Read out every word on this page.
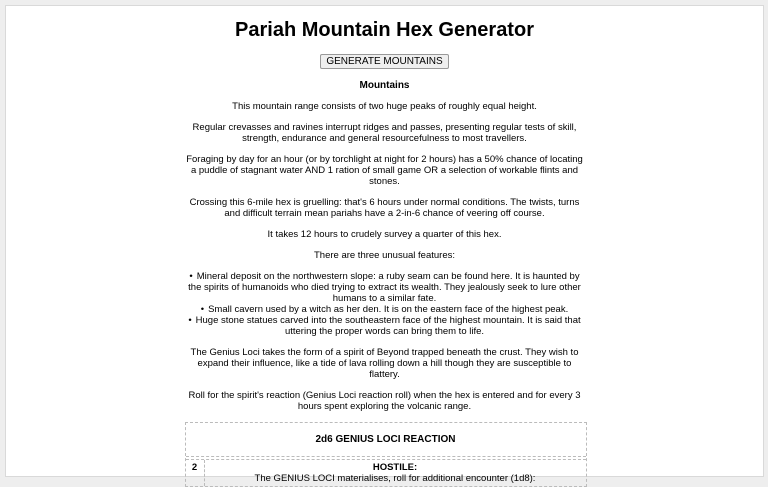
Pariah Mountain Hex Generator
GENERATE MOUNTAINS
Mountains

This mountain range consists of two huge peaks of roughly equal height.

Regular crevasses and ravines interrupt ridges and passes, presenting regular tests of skill, strength, endurance and general resourcefulness to most travellers.

Foraging by day for an hour (or by torchlight at night for 2 hours) has a 50% chance of locating a puddle of stagnant water AND 1 ration of small game OR a selection of workable flints and stones.

Crossing this 6-mile hex is gruelling: that's 6 hours under normal conditions. The twists, turns and difficult terrain mean pariahs have a 2-in-6 chance of veering off course.

It takes 12 hours to crudely survey a quarter of this hex.

There are three unusual features:

• Mineral deposit on the northwestern slope: a ruby seam can be found here. It is haunted by the spirits of humanoids who died trying to extract its wealth. They jealously seek to lure other humans to a similar fate.
• Small cavern used by a witch as her den. It is on the eastern face of the highest peak.
• Huge stone statues carved into the southeastern face of the highest mountain. It is said that uttering the proper words can bring them to life.

The Genius Loci takes the form of a spirit of Beyond trapped beneath the crust. They wish to expand their influence, like a tide of lava rolling down a hill though they are susceptible to flattery.

Roll for the spirit's reaction (Genius Loci reaction roll) when the hex is entered and for every 3 hours spent exploring the volcanic range.

2d6 GENIUS LOCI REACTION
2	HOSTILE:
The GENIUS LOCI materialises, roll for additional encounter (1d8):
